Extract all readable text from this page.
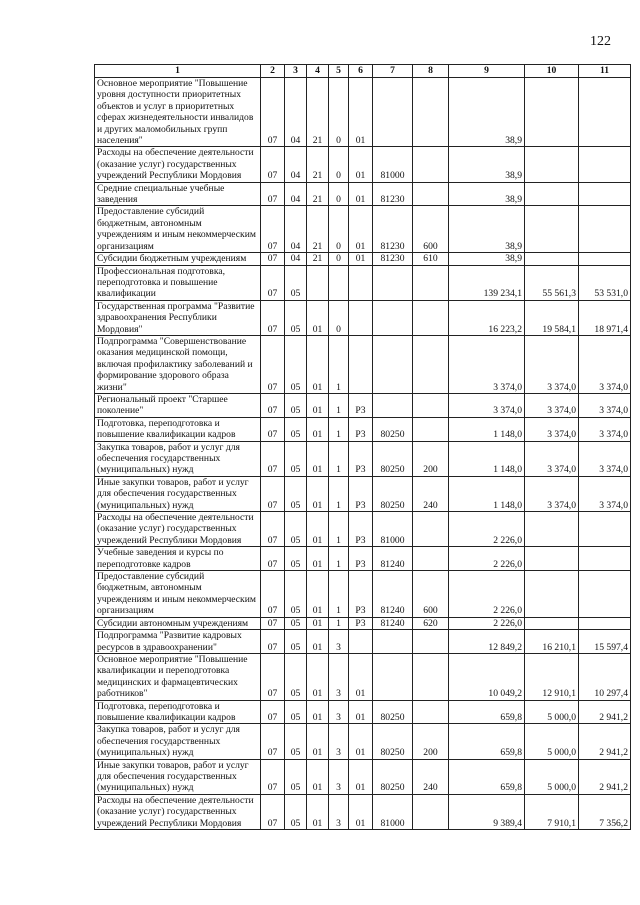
122
1	2	3	4	5	6	7	8	9	10	11
Основное мероприятие "Повышение уровня доступности приоритетных объектов и услуг в приоритетных сферах жизнедеятельности инвалидов и других маломобильных групп населения"	07	04	21	0	01			38,9		
Расходы на обеспечение деятельности (оказание услуг) государственных учреждений Республики Мордовия	07	04	21	0	01	81000		38,9		
Средние специальные учебные заведения	07	04	21	0	01	81230		38,9		
Предоставление субсидий бюджетным, автономным учреждениям и иным некоммерческим организациям	07	04	21	0	01	81230	600	38,9		
Субсидии бюджетным учреждениям	07	04	21	0	01	81230	610	38,9		
Профессиональная подготовка, переподготовка и повышение квалификации	07	05						139 234,1	55 561,3	53 531,0
Государственная программа "Развитие здравоохранения Республики Мордовия"	07	05	01	0				16 223,2	19 584,1	18 971,4
Подпрограмма "Совершенствование оказания медицинской помощи, включая профилактику заболеваний и формирование здорового образа жизни"	07	05	01	1				3 374,0	3 374,0	3 374,0
Региональный проект "Старшее поколение"	07	05	01	1	P3			3 374,0	3 374,0	3 374,0
Подготовка, переподготовка и повышение квалификации кадров	07	05	01	1	P3	80250		1 148,0	3 374,0	3 374,0
Закупка товаров, работ и услуг для обеспечения государственных (муниципальных) нужд	07	05	01	1	P3	80250	200	1 148,0	3 374,0	3 374,0
Иные закупки товаров, работ и услуг для обеспечения государственных (муниципальных) нужд	07	05	01	1	P3	80250	240	1 148,0	3 374,0	3 374,0
Расходы на обеспечение деятельности (оказание услуг) государственных учреждений Республики Мордовия	07	05	01	1	P3	81000		2 226,0		
Учебные заведения и курсы по переподготовке кадров	07	05	01	1	P3	81240		2 226,0		
Предоставление субсидий бюджетным, автономным учреждениям и иным некоммерческим организациям	07	05	01	1	P3	81240	600	2 226,0		
Субсидии автономным учреждениям	07	05	01	1	P3	81240	620	2 226,0		
Подпрограмма "Развитие кадровых ресурсов в здравоохранении"	07	05	01	3				12 849,2	16 210,1	15 597,4
Основное мероприятие "Повышение квалификации и переподготовка медицинских и фармацевтических работников"	07	05	01	3	01			10 049,2	12 910,1	10 297,4
Подготовка, переподготовка и повышение квалификации кадров	07	05	01	3	01	80250		659,8	5 000,0	2 941,2
Закупка товаров, работ и услуг для обеспечения государственных (муниципальных) нужд	07	05	01	3	01	80250	200	659,8	5 000,0	2 941,2
Иные закупки товаров, работ и услуг для обеспечения государственных (муниципальных) нужд	07	05	01	3	01	80250	240	659,8	5 000,0	2 941,2
Расходы на обеспечение деятельности (оказание услуг) государственных учреждений Республики Мордовия	07	05	01	3	01	81000		9 389,4	7 910,1	7 356,2
